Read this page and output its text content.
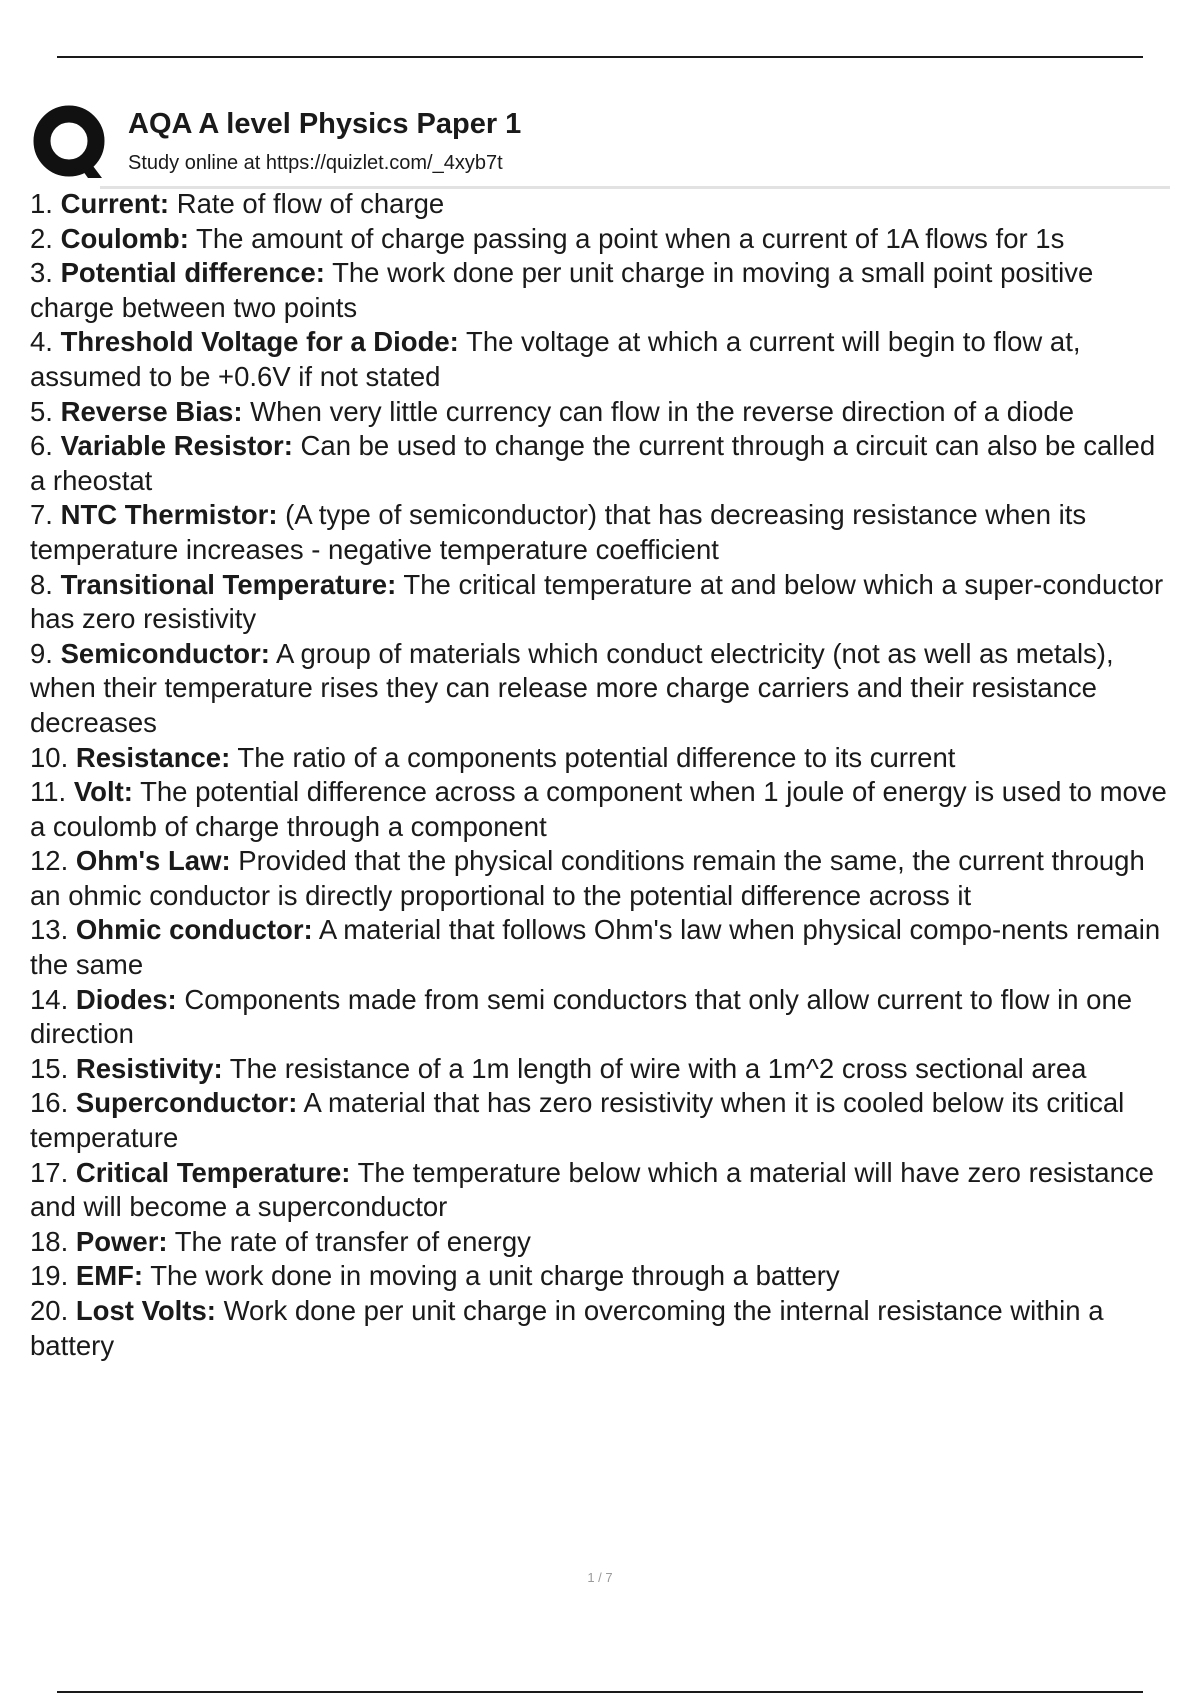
AQA A level Physics Paper 1
Study online at https://quizlet.com/_4xyb7t
1. Current: Rate of flow of charge
2. Coulomb: The amount of charge passing a point when a current of 1A flows for 1s
3. Potential difference: The work done per unit charge in moving a small point positive charge between two points
4. Threshold Voltage for a Diode: The voltage at which a current will begin to flow at, assumed to be +0.6V if not stated
5. Reverse Bias: When very little currency can flow in the reverse direction of a diode
6. Variable Resistor: Can be used to change the current through a circuit can also be called a rheostat
7. NTC Thermistor: (A type of semiconductor) that has decreasing resistance when its temperature increases - negative temperature coefficient
8. Transitional Temperature: The critical temperature at and below which a super-conductor has zero resistivity
9. Semiconductor: A group of materials which conduct electricity (not as well as metals), when their temperature rises they can release more charge carriers and their resistance decreases
10. Resistance: The ratio of a components potential difference to its current
11. Volt: The potential difference across a component when 1 joule of energy is used to move a coulomb of charge through a component
12. Ohm's Law: Provided that the physical conditions remain the same, the current through an ohmic conductor is directly proportional to the potential difference across it
13. Ohmic conductor: A material that follows Ohm's law when physical compo-nents remain the same
14. Diodes: Components made from semi conductors that only allow current to flow in one direction
15. Resistivity: The resistance of a 1m length of wire with a 1m^2 cross sectional area
16. Superconductor: A material that has zero resistivity when it is cooled below its critical temperature
17. Critical Temperature: The temperature below which a material will have zero resistance and will become a superconductor
18. Power: The rate of transfer of energy
19. EMF: The work done in moving a unit charge through a battery
20. Lost Volts: Work done per unit charge in overcoming the internal resistance within a battery
1 / 7
